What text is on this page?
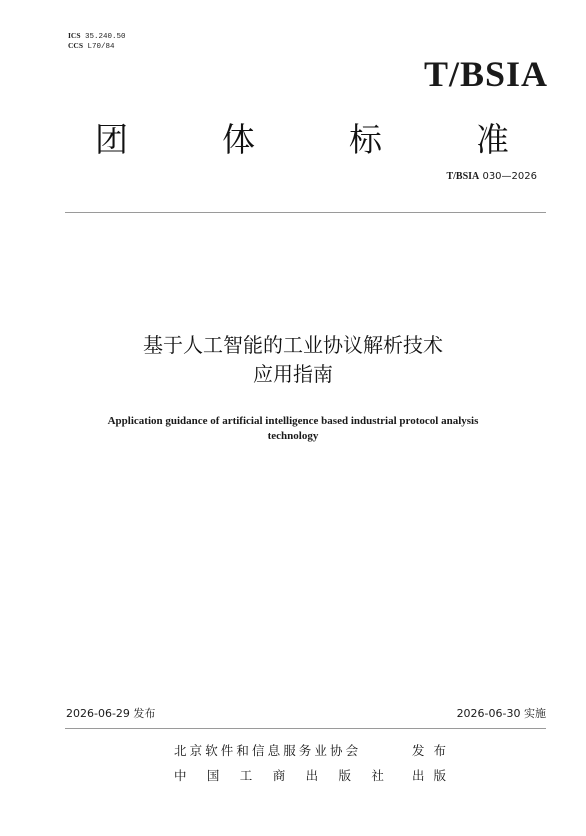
ICS 35.240.50
CCS L70/84
T/BSIA
团	体	标	准
T/BSIA 030—2026
基于人工智能的工业协议解析技术
应用指南
Application guidance of artificial intelligence based industrial protocol analysis
technology
2026-06-29 发布	2026-06-30 实施
北京软件和信息服务业协会	发布
中国工商出版社 出版
